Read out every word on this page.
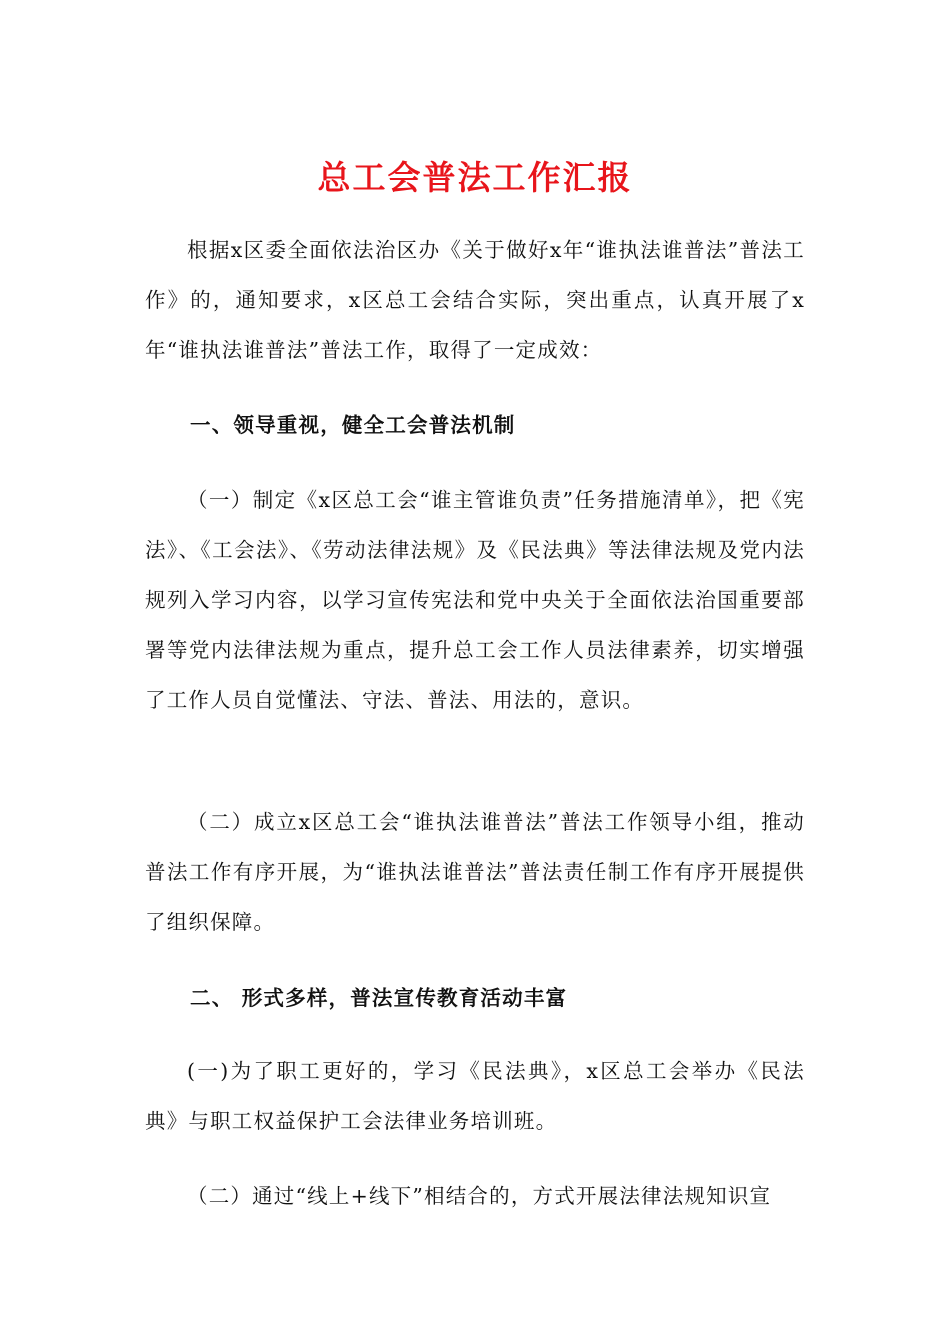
总工会普法工作汇报

根据x区委全面依法治区办《关于做好x年“谁执法谁普法”普法工作》的，通知要求，x区总工会结合实际，突出重点，认真开展了x年“谁执法谁普法”普法工作，取得了一定成效：

一、领导重视，健全工会普法机制

（一）制定《x区总工会“谁主管谁负责”任务措施清单》，把《宪法》、《工会法》、《劳动法律法规》及《民法典》等法律法规及党内法规列入学习内容，以学习宣传宪法和党中央关于全面依法治国重要部署等党内法律法规为重点，提升总工会工作人员法律素养，切实增强了工作人员自觉懂法、守法、普法、用法的，意识。

（二）成立x区总工会“谁执法谁普法”普法工作领导小组，推动普法工作有序开展，为“谁执法谁普法”普法责任制工作有序开展提供了组织保障。

二、 形式多样，普法宣传教育活动丰富

(一)为了职工更好的，学习《民法典》，x区总工会举办《民法典》与职工权益保护工会法律业务培训班。

（二）通过“线上+线下”相结合的，方式开展法律法规知识宣
